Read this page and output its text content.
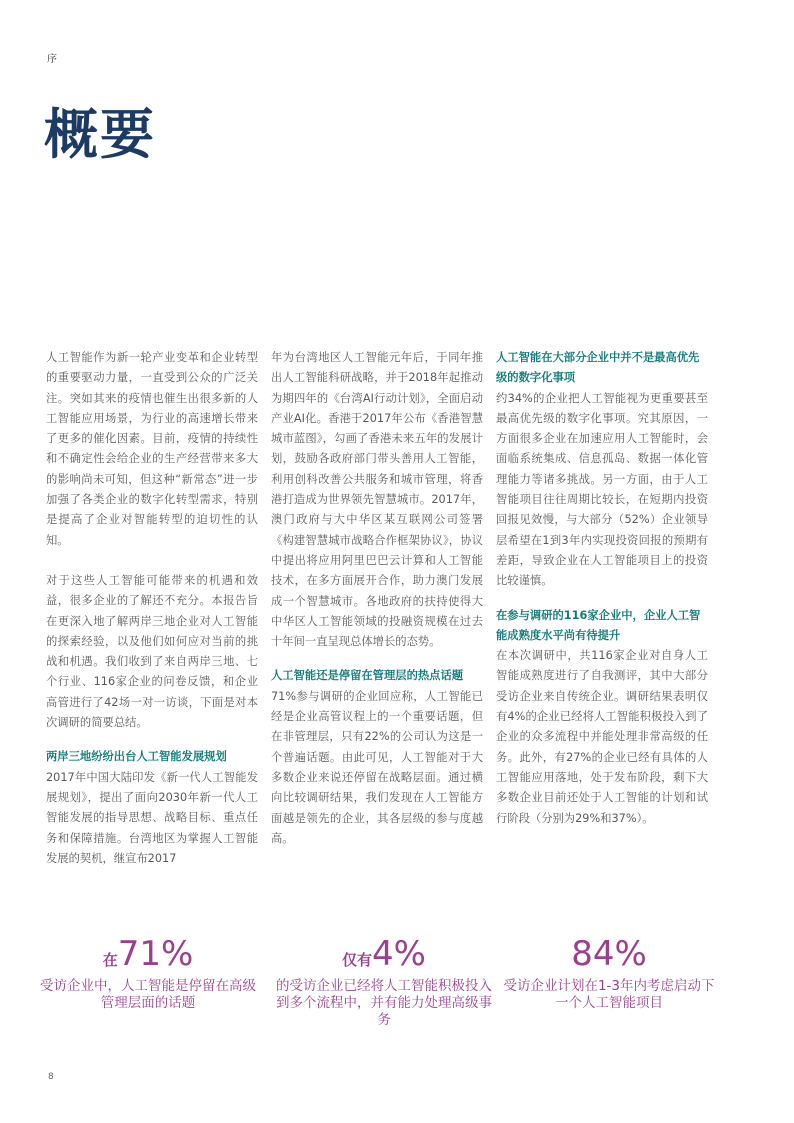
序
概要

人工智能作为新一轮产业变革和企业转型的重要驱动力量，一直受到公众的广泛关注。突如其来的疫情也催生出很多新的人工智能应用场景，为行业的高速增长带来了更多的催化因素。目前，疫情的持续性和不确定性会给企业的生产经营带来多大的影响尚未可知，但这种“新常态”进一步加强了各类企业的数字化转型需求，特别是提高了企业对智能转型的迫切性的认知。

对于这些人工智能可能带来的机遇和效益，很多企业的了解还不充分。本报告旨在更深入地了解两岸三地企业对人工智能的探索经验，以及他们如何应对当前的挑战和机遇。我们收到了来自两岸三地、七个行业、116家企业的问卷反馈，和企业高管进行了42场一对一访谈，下面是对本次调研的简要总结。

两岸三地纷纷出台人工智能发展规划

2017年中国大陆印发《新一代人工智能发展规划》，提出了面向2030年新一代人工智能发展的指导思想、战略目标、重点任务和保障措施。台湾地区为掌握人工智能发展的契机，继宣布2017

年为台湾地区人工智能元年后，于同年推出人工智能科研战略，并于2018年起推动为期四年的《台湾AI行动计划》，全面启动产业AI化。香港于2017年公布《香港智慧城市蓝图》，勾画了香港未来五年的发展计划，鼓励各政府部门带头善用人工智能，利用创科改善公共服务和城市管理，将香港打造成为世界领先智慧城市。2017年，澳门政府与大中华区某互联网公司签署《构建智慧城市战略合作框架协议》，协议中提出将应用阿里巴巴云计算和人工智能技术，在多方面展开合作，助力澳门发展成一个智慧城市。各地政府的扶持使得大中华区人工智能领域的投融资规模在过去十年间一直呈现总体增长的态势。

人工智能还是停留在管理层的热点话题

71%参与调研的企业回应称，人工智能已经是企业高管议程上的一个重要话题，但在非管理层，只有22%的公司认为这是一个普遍话题。由此可见，人工智能对于大多数企业来说还停留在战略层面。通过横向比较调研结果，我们发现在人工智能方面越是领先的企业，其各层级的参与度越高。

人工智能在大部分企业中并不是最高优先级的数字化事项

约34%的企业把人工智能视为更重要甚至最高优先级的数字化事项。究其原因，一方面很多企业在加速应用人工智能时，会面临系统集成、信息孤岛、数据一体化管理能力等诸多挑战。另一方面，由于人工智能项目往往周期比较长，在短期内投资回报见效慢，与大部分（52%）企业领导层希望在1到3年内实现投资回报的预期有差距，导致企业在人工智能项目上的投资比较谨慎。

在参与调研的116家企业中，企业人工智能成熟度水平尚有待提升

在本次调研中，共116家企业对自身人工智能成熟度进行了自我测评，其中大部分受访企业来自传统企业。调研结果表明仅有4%的企业已经将人工智能积极投入到了企业的众多流程中并能处理非常高级的任务。此外，有27%的企业已经有具体的人工智能应用落地，处于发布阶段，剩下大多数企业目前还处于人工智能的计划和试行阶段（分别为29%和37%）。

在71%
受访企业中，人工智能是停留在高级管理层面的话题
仅有4%
的受访企业已经将人工智能积极投入到多个流程中，并有能力处理高级事务
84%
受访企业计划在1-3年内考虑启动下一个人工智能项目
8
